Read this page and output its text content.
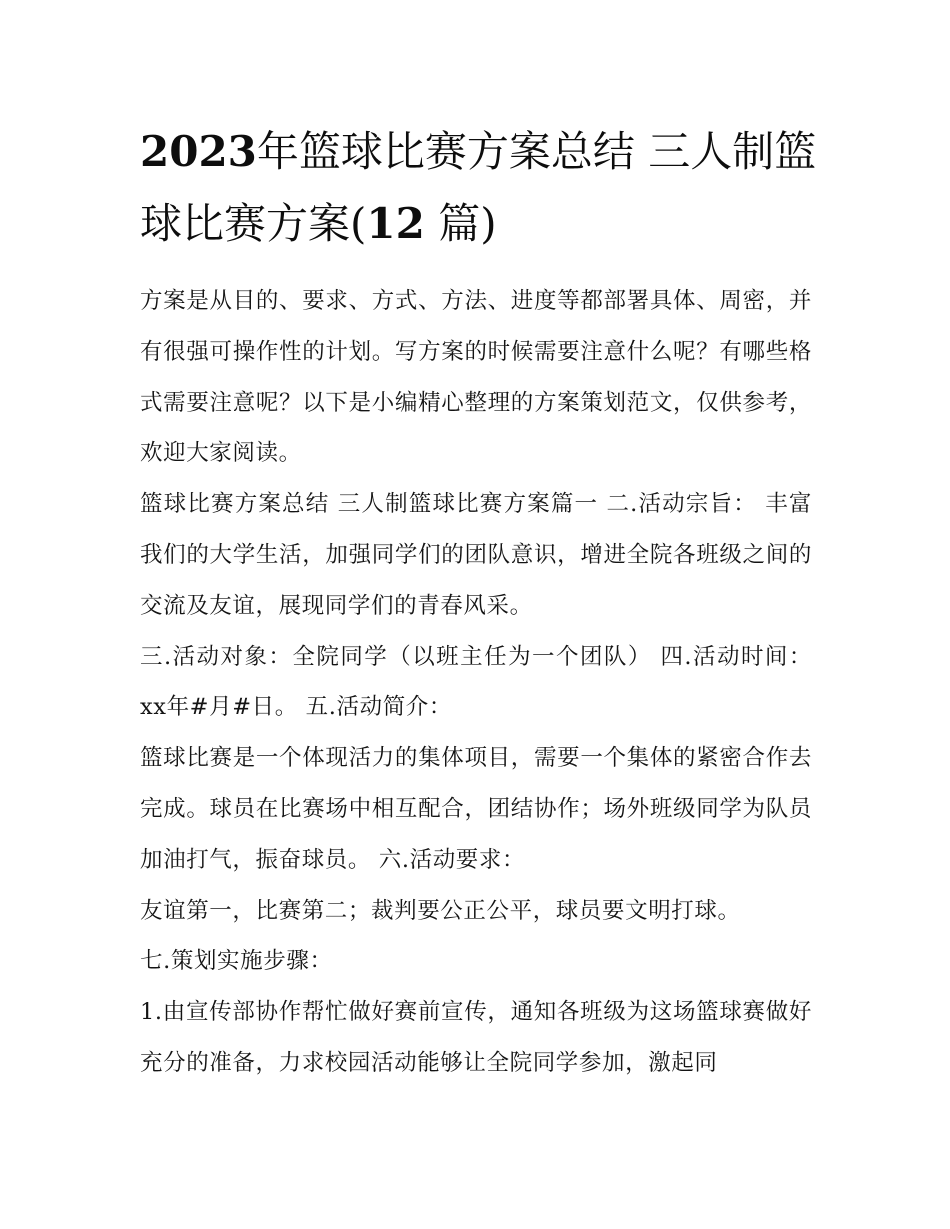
2023年篮球比赛方案总结 三人制篮球比赛方案(12 篇)

方案是从目的、要求、方式、方法、进度等都部署具体、周密，并有很强可操作性的计划。写方案的时候需要注意什么呢？有哪些格式需要注意呢？以下是小编精心整理的方案策划范文，仅供参考，欢迎大家阅读。

篮球比赛方案总结 三人制篮球比赛方案篇一 二.活动宗旨： 丰富我们的大学生活，加强同学们的团队意识，增进全院各班级之间的交流及友谊，展现同学们的青春风采。

三.活动对象：全院同学（以班主任为一个团队） 四.活动时间：xx年#月#日。 五.活动简介：

篮球比赛是一个体现活力的集体项目，需要一个集体的紧密合作去完成。球员在比赛场中相互配合，团结协作；场外班级同学为队员加油打气，振奋球员。 六.活动要求：

友谊第一，比赛第二；裁判要公正公平，球员要文明打球。

七.策划实施步骤：

1.由宣传部协作帮忙做好赛前宣传，通知各班级为这场篮球赛做好充分的准备，力求校园活动能够让全院同学参加，激起同
